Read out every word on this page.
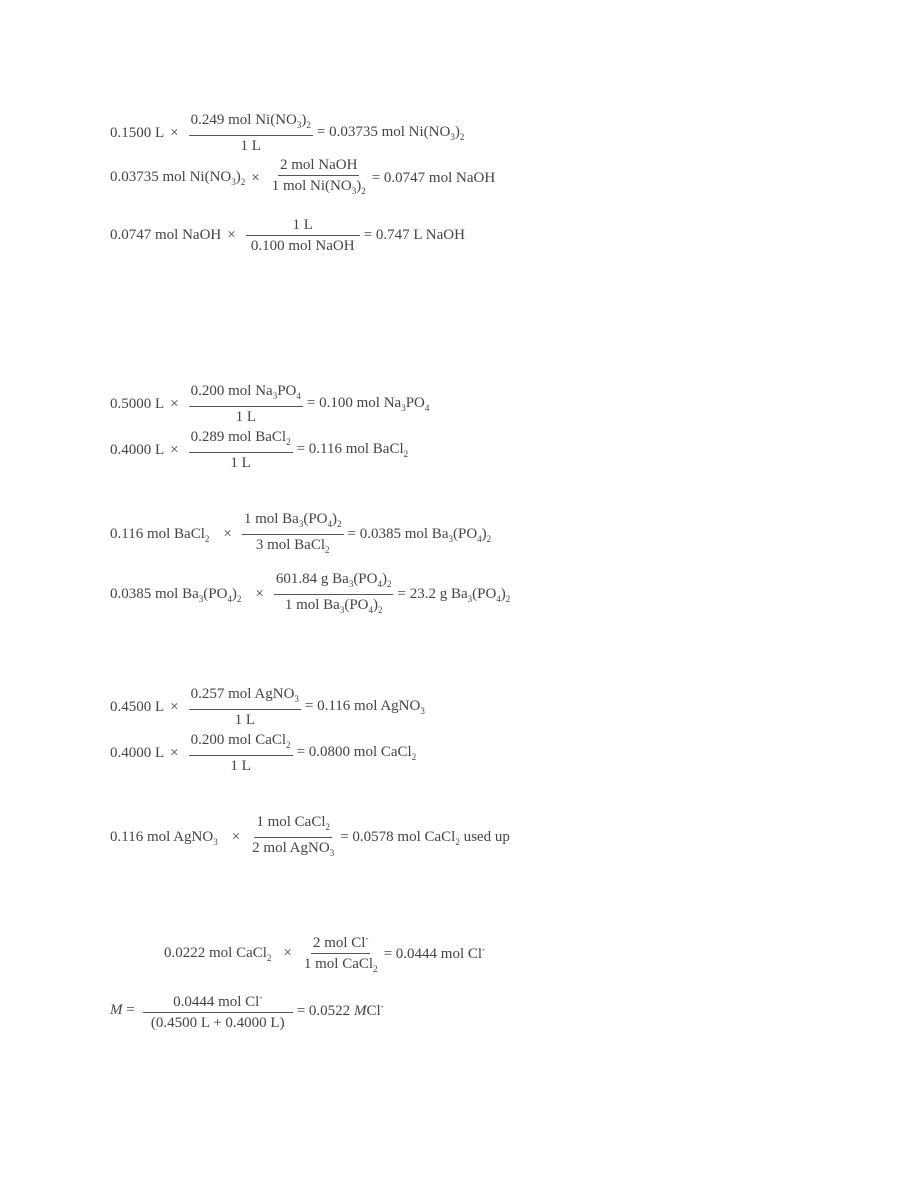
0.1500 $L \times \frac{0.249 mol Ni(NO_3)_2}{1 L} = 0.03735$ mol $Ni(NO_3)_2$
0.03735 mol $Ni(NO_3)_2 \times \frac{\text{2 mol NaOH}}{1 mol Ni(NO_3)_2} = 0.0747$ mol NaOH
0.0747 mol NaOH × $\frac{1 L}{\text{0.100 mol NaOH}} = 0.747$ L NaOH
0.5000 $L \times \frac{0.200 mol Na_3PO_4}{1 L} = 0.100$ mol $Na_3PO_4$
0.4000 $L \times \frac{0.289 mol BaCl_2}{1 L} = 0.116$ mol BaCl$_2$
0.116 mol BaCl$_2$ × $\frac{1 mol Ba_3(PO_4)_2}{3 mol BaCl_2} = 0.0385$ mol $Ba_3(PO_4)_2$
0.0385 mol $Ba_3(PO_4)_2 \times \frac{601.84 g Ba_3(PO_4)_2}{1 mol Ba_3(PO_4)_2} = 23.2$ g $Ba_3(PO_4)_2$
0.4500 $L \times \frac{0.257 mol AgNO_3}{1 L} = 0.116$ mol AgNO$_3$
0.4000 $L \times \frac{0.200 mol CaCl_2}{1 L} = 0.0800$ mol CaCl$_2$
0.116 mol AgNO$_3$ × $\frac{1 mol CaCl_2}{2 mol AgNO_3} = 0.0578$ mol CaCl$_2$ used up
0.0222 mol CaCl$_2$ × $\frac{2 mol Cl^-}{1 mol CaCl_2} = 0.0444$ mol Cl-
$M = \frac{0.0444 mol Cl^-}{(0.4500 L + 0.4000 L)} = 0.0522$ MCl-
